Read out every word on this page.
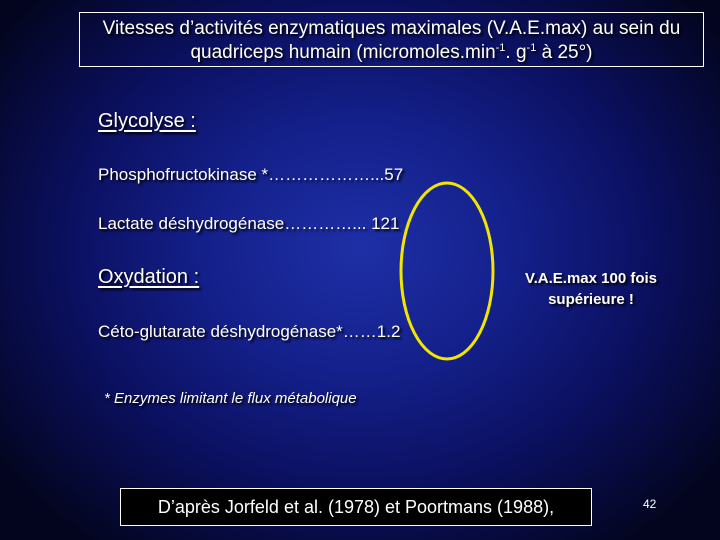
Vitesses d’activités enzymatiques maximales (V.A.E.max) au sein du
quadriceps humain ($micromoles.\min^{-1}$. $g^{-1}$ à 25°)
Glycolyse :
Phosphofructokinase *………………...57
Lactate déshydrogénase…………... 121
Oxydation :
Céto-glutarate déshydrogénase*……1.2
V.A.E.max 100 fois
supérieure !
* Enzymes limitant le flux métabolique
D’après Jorfeld et al. (1978) et Poortmans (1988),	42
